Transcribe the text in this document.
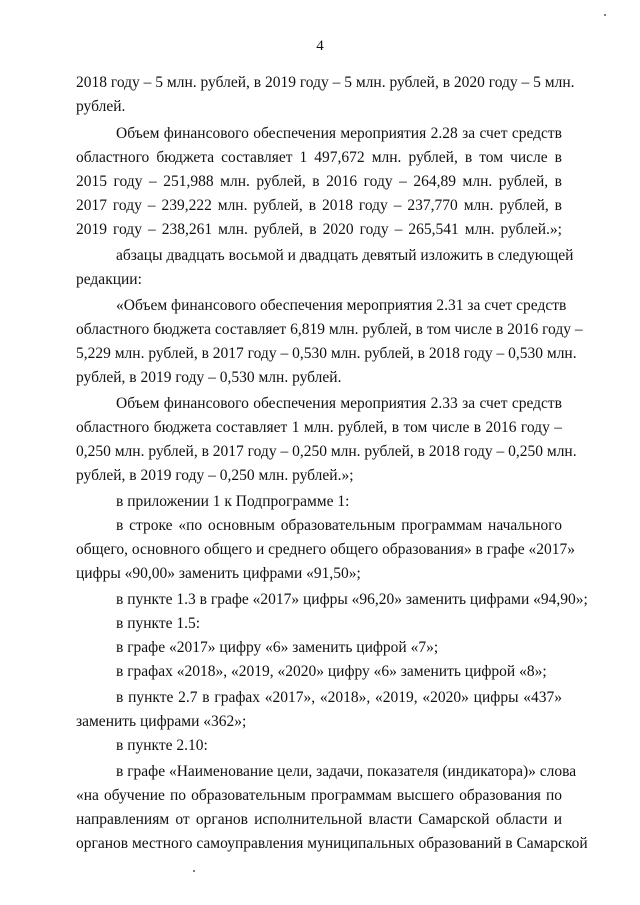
4
2018 году – 5 млн. рублей, в 2019 году – 5 млн. рублей, в 2020 году – 5 млн.
рублей.
Объем финансового обеспечения мероприятия 2.28 за счет средств
областного бюджета составляет 1 497,672 млн. рублей, в том числе в
2015 году – 251,988 млн. рублей, в 2016 году – 264,89 млн. рублей, в
2017 году – 239,222 млн. рублей, в 2018 году – 237,770 млн. рублей, в
2019 году – 238,261 млн. рублей, в 2020 году – 265,541 млн. рублей.»;
абзацы двадцать восьмой и двадцать девятый изложить в следующей
редакции:
«Объем финансового обеспечения мероприятия 2.31 за счет средств
областного бюджета составляет 6,819 млн. рублей, в том числе в 2016 году –
5,229 млн. рублей, в 2017 году – 0,530 млн. рублей, в 2018 году – 0,530 млн.
рублей, в 2019 году – 0,530 млн. рублей.
Объем финансового обеспечения мероприятия 2.33 за счет средств
областного бюджета составляет 1 млн. рублей, в том числе в 2016 году –
0,250 млн. рублей, в 2017 году – 0,250 млн. рублей, в 2018 году – 0,250 млн.
рублей, в 2019 году – 0,250 млн. рублей.»;
в приложении 1 к Подпрограмме 1:
в строке «по основным образовательным программам начального
общего, основного общего и среднего общего образования» в графе «2017»
цифры «90,00» заменить цифрами «91,50»;
в пункте 1.3 в графе «2017» цифры «96,20» заменить цифрами «94,90»;
в пункте 1.5:
в графе «2017» цифру «6» заменить цифрой «7»;
в графах «2018», «2019, «2020» цифру «6» заменить цифрой «8»;
в пункте 2.7 в графах «2017», «2018», «2019, «2020» цифры «437»
заменить цифрами «362»;
в пункте 2.10:
в графе «Наименование цели, задачи, показателя (индикатора)» слова
«на обучение по образовательным программам высшего образования по
направлениям от органов исполнительной власти Самарской области и
органов местного самоуправления муниципальных образований в Самарской
